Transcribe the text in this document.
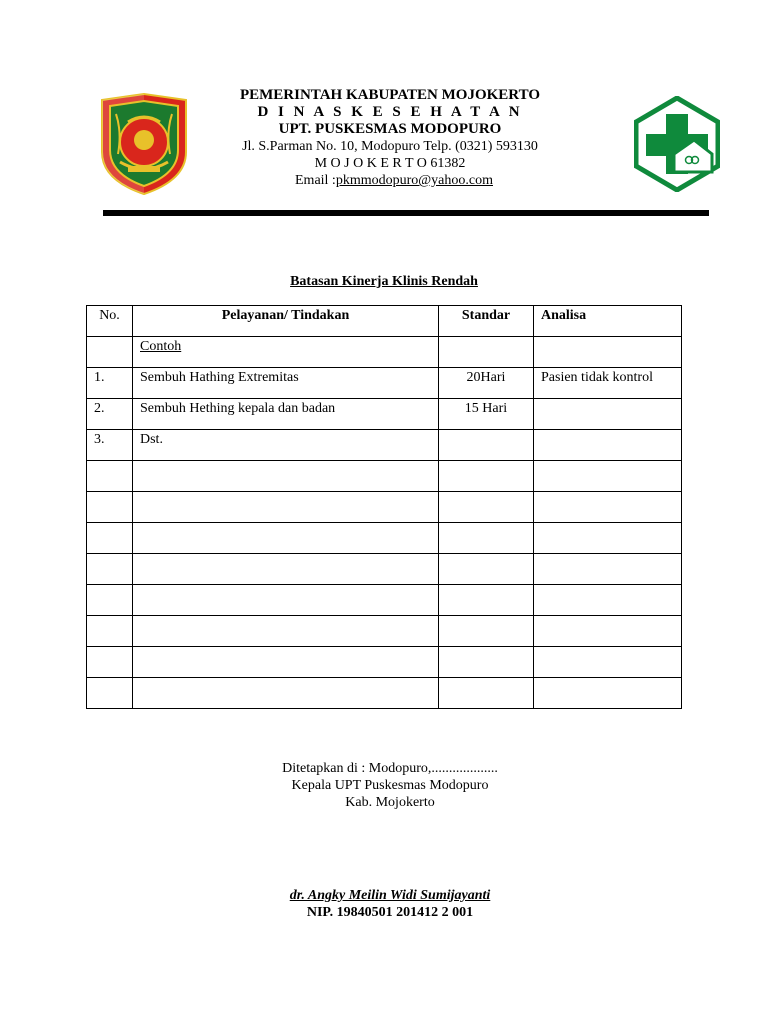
PEMERINTAH KABUPATEN MOJOKERTO
D I N A S K E S E H A T A N
UPT. PUSKESMAS MODOPURO
Jl. S.Parman No. 10, Modopuro Telp. (0321) 593130
M O J O K E R T O 61382
Email :pkmmodopuro@yahoo.com
Batasan Kinerja Klinis Rendah
No.	Pelayanan/ Tindakan	Standar	Analisa
	Contoh		
1.	Sembuh Hathing Extremitas	20Hari	Pasien tidak kontrol
2.	Sembuh Hething kepala dan badan	15 Hari	
3.	Dst.		

Ditetapkan di : Modopuro,...................
Kepala UPT Puskesmas Modopuro
Kab. Mojokerto
dr. Angky Meilin Widi Sumijayanti
NIP. 19840501 201412 2 001
